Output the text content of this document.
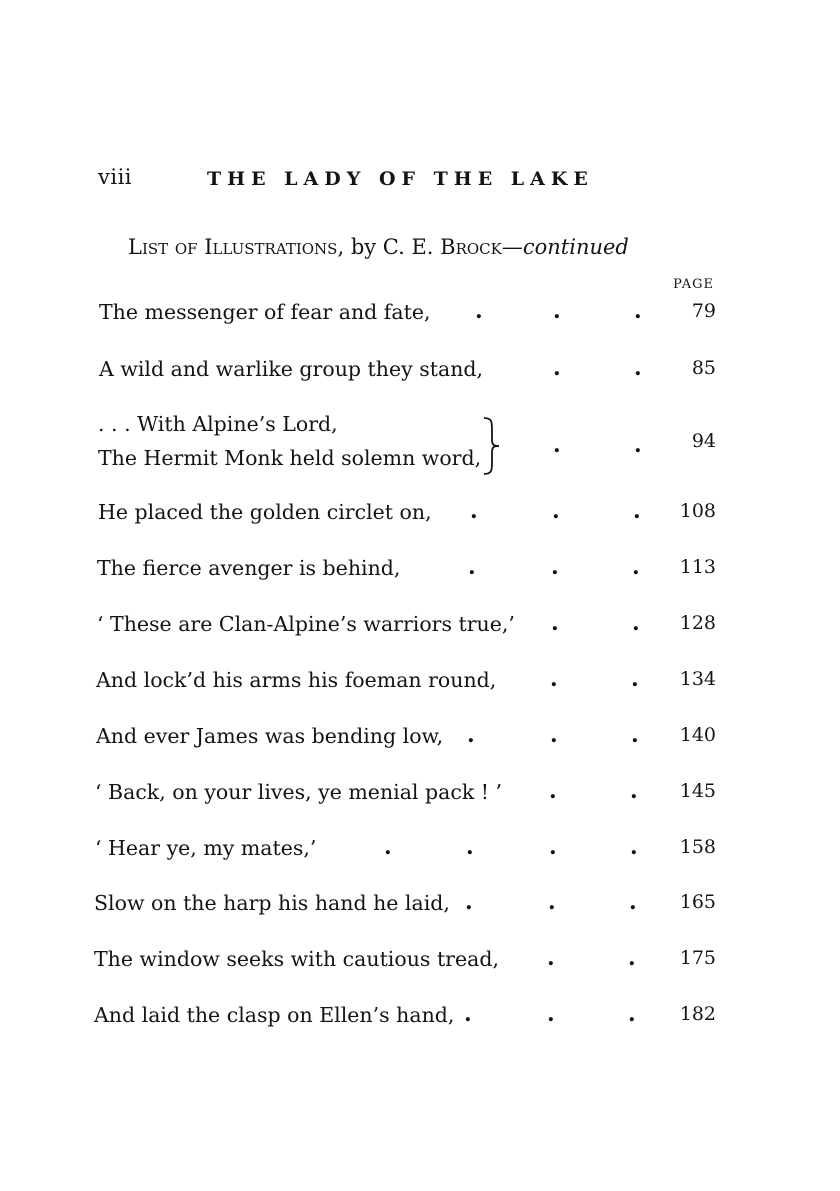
viii	THE LADY OF THE LAKE
List of Illustrations, by C. E. Brock—continued
PAGE
The messenger of fear and fate, .	.	.	79
A wild and warlike group they stand,	.	.	85
. . . With Alpine’s Lord,
The Hermit Monk held solemn word,	.	.	94
He placed the golden circlet on, .	.	.	108
The fierce avenger is behind,	.	.	.	113
‘ These are Clan-Alpine’s warriors true,’ .	.	128
And lock’d his arms his foeman round, .	.	134
And ever James was bending low, .	.	.	140
‘ Back, on your lives, ye menial pack ! ’ .	.	145
‘ Hear ye, my mates,’	.	.	.	.	158
Slow on the harp his hand he laid, .	.	.	165
The window seeks with cautious tread, .	.	175
And laid the clasp on Ellen’s hand, .	.	.	182
